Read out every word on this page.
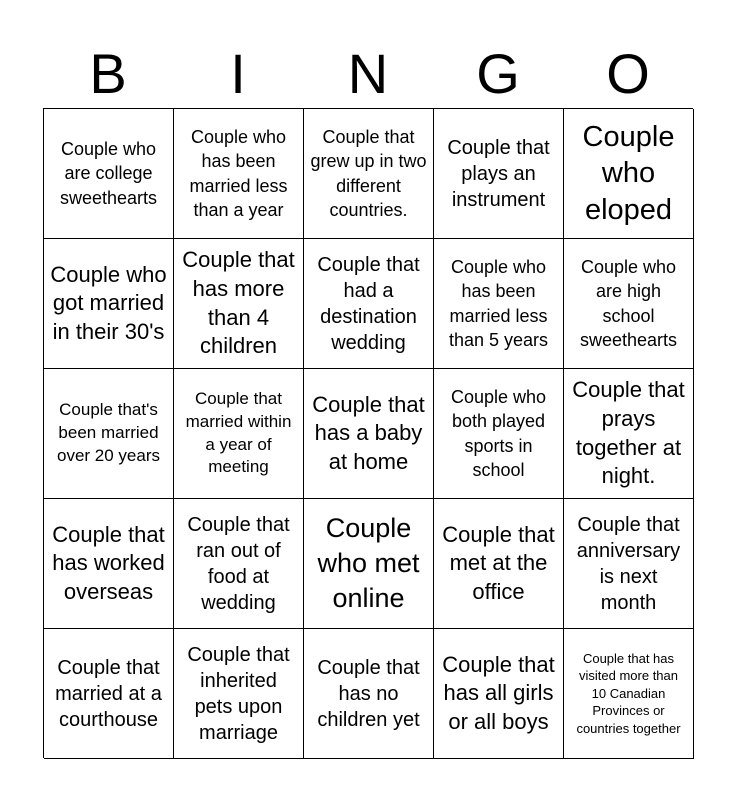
B	I	N	G	O
Couple who are college sweethearts
Couple who has been married less than a year
Couple that grew up in two different countries.
Couple that plays an instrument
Couple who eloped
Couple who got married in their 30's
Couple that has more than 4 children
Couple that had a destination wedding
Couple who has been married less than 5 years
Couple who are high school sweethearts
Couple that's been married over 20 years
Couple that married within a year of meeting
Couple that has a baby at home
Couple who both played sports in school
Couple that prays together at night.
Couple that has worked overseas
Couple that ran out of food at wedding
Couple who met online
Couple that met at the office
Couple that anniversary is next month
Couple that married at a courthouse
Couple that inherited pets upon marriage
Couple that has no children yet
Couple that has all girls or all boys
Couple that has visited more than 10 Canadian Provinces or countries together
